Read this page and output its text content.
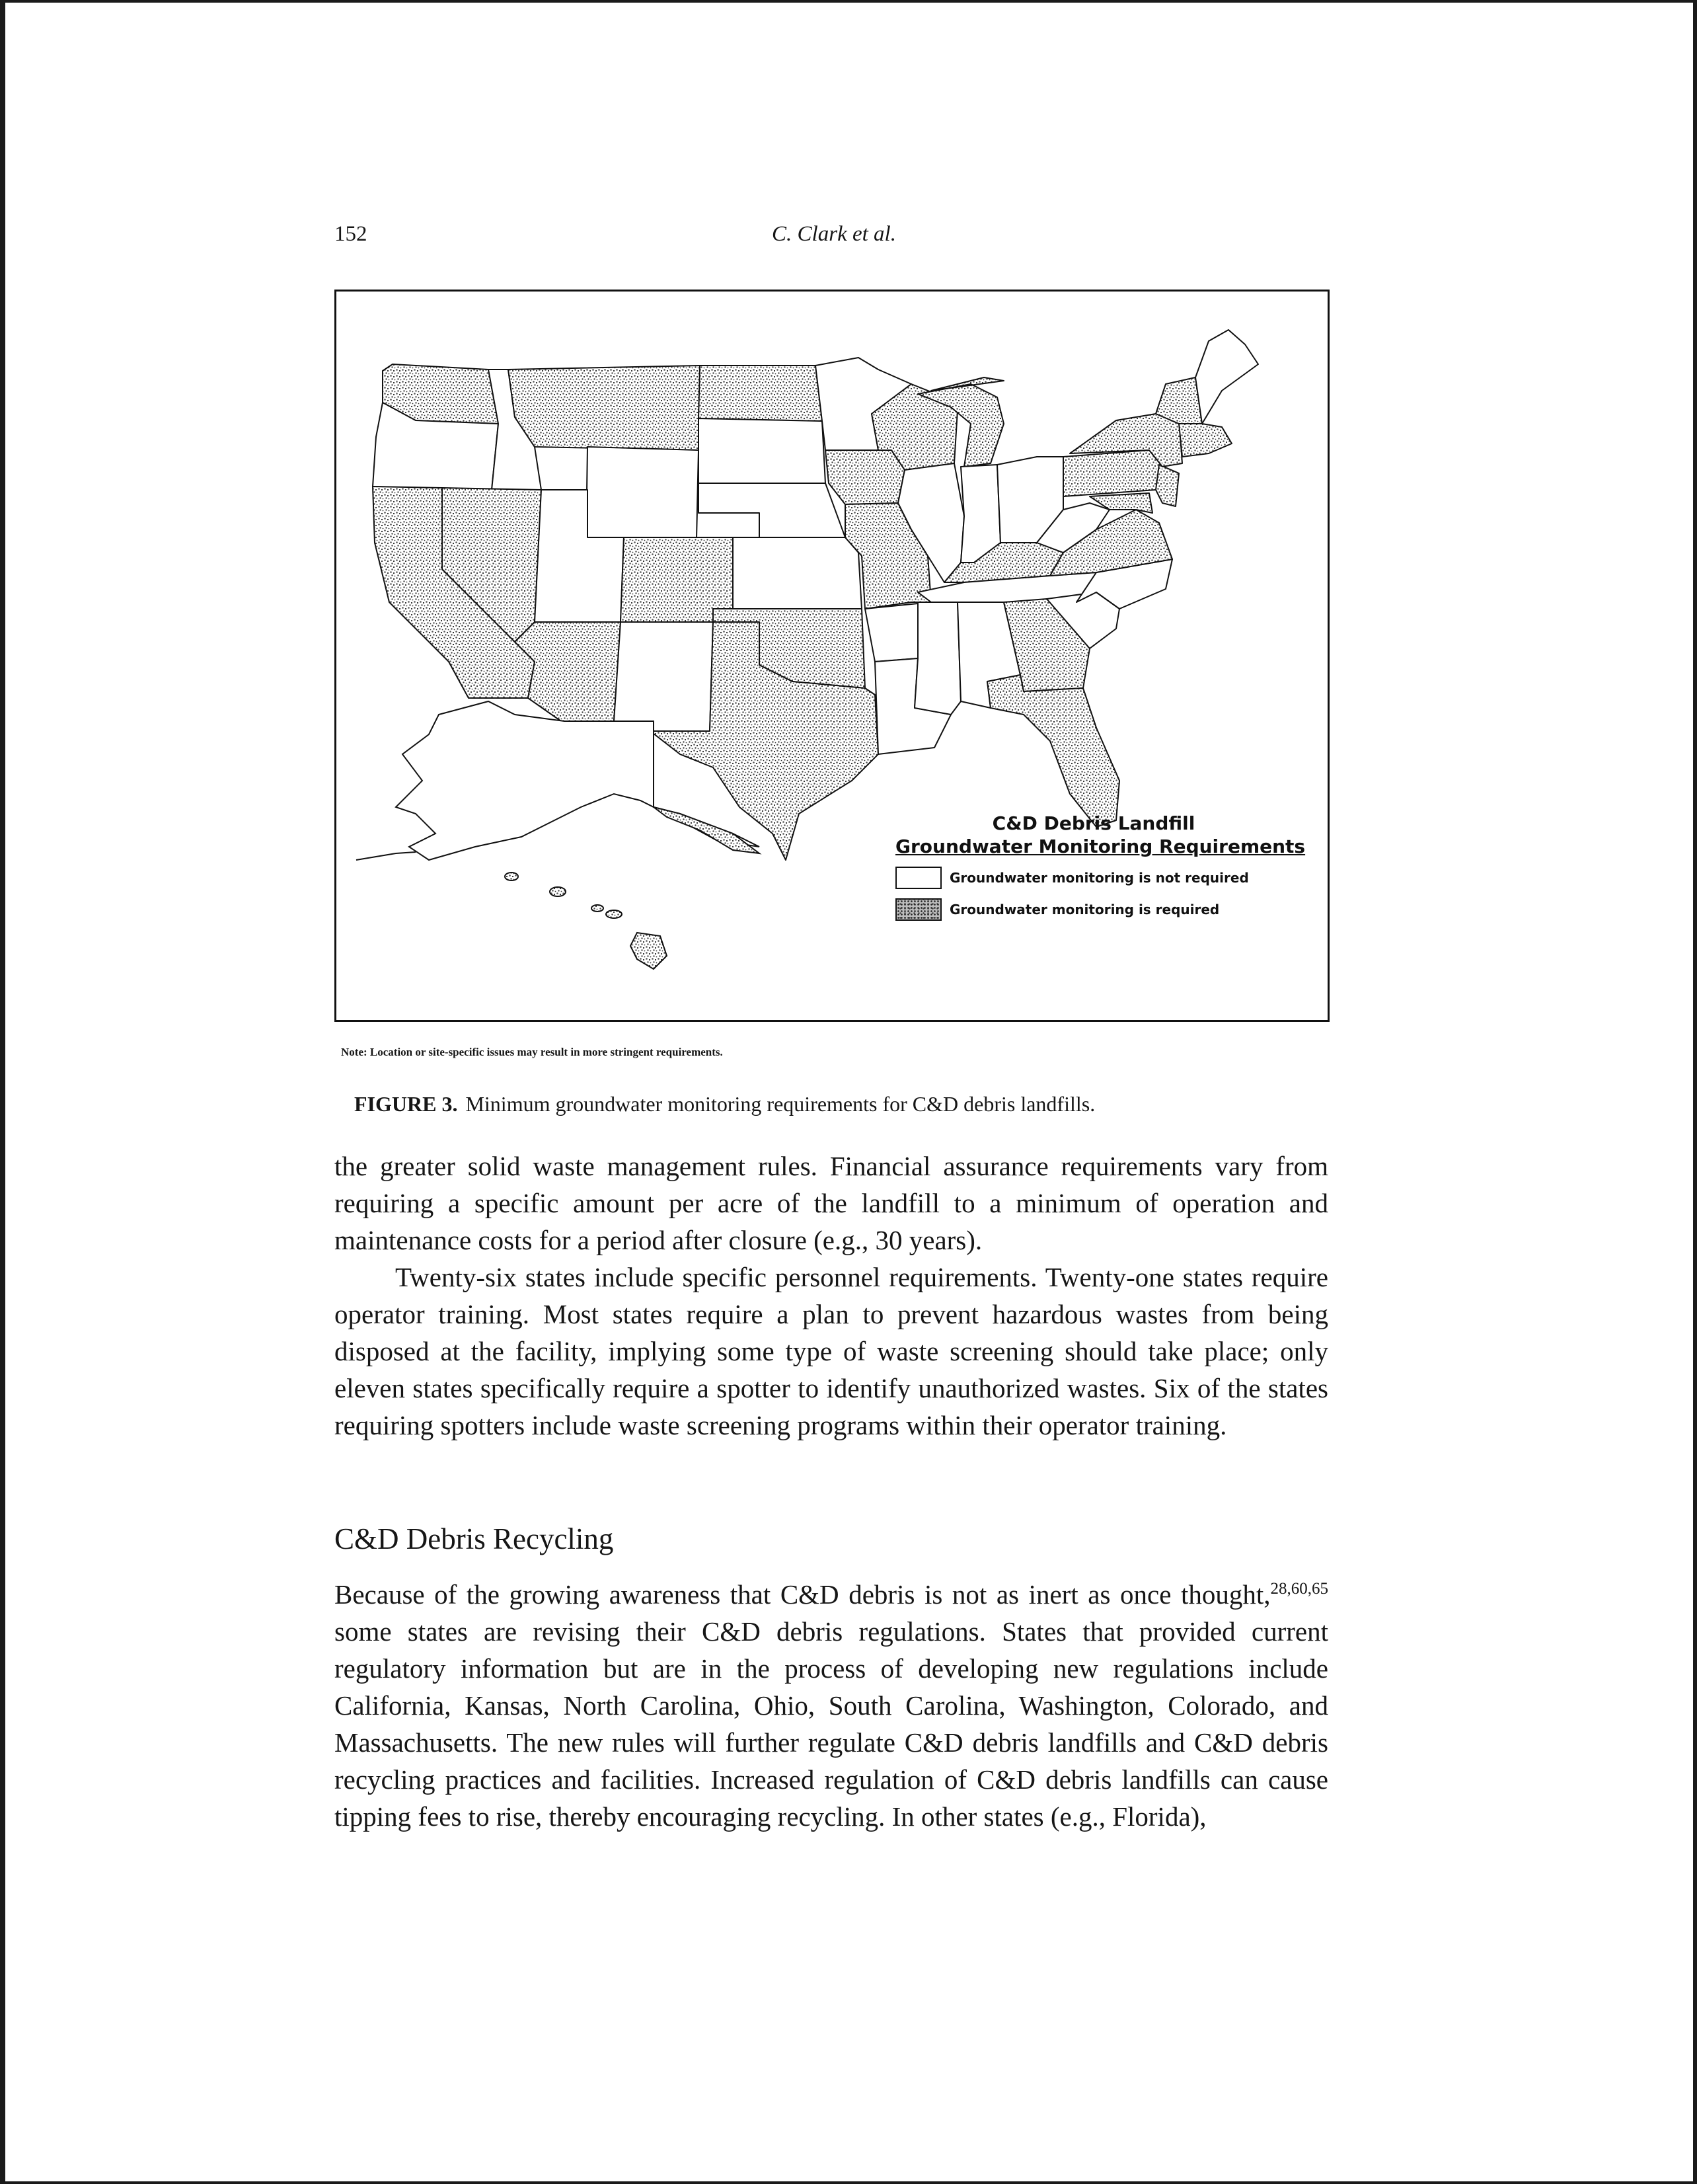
152	C. Clark et al.
C&D Debris Landfill
Groundwater Monitoring Requirements
Groundwater monitoring is not required
Groundwater monitoring is required
Note: Location or site-specific issues may result in more stringent requirements.
FIGURE 3. Minimum groundwater monitoring requirements for C&D debris landfills.

the greater solid waste management rules. Financial assurance requirements vary from requiring a specific amount per acre of the landfill to a minimum of operation and maintenance costs for a period after closure (e.g., 30 years).

Twenty-six states include specific personnel requirements. Twenty-one states require operator training. Most states require a plan to prevent hazardous wastes from being disposed at the facility, implying some type of waste screening should take place; only eleven states specifically require a spotter to identify unauthorized wastes. Six of the states requiring spotters include waste screening programs within their operator training.

C&D Debris Recycling

Because of the growing awareness that C&D debris is not as inert as once thought,$^{28,60,65}$ some states are revising their C&D debris regulations. States that provided current regulatory information but are in the process of developing new regulations include California, Kansas, North Carolina, Ohio, South Carolina, Washington, Colorado, and Massachusetts. The new rules will further regulate C&D debris landfills and C&D debris recycling practices and facilities. Increased regulation of C&D debris landfills can cause tipping fees to rise, thereby encouraging recycling. In other states (e.g., Florida),
